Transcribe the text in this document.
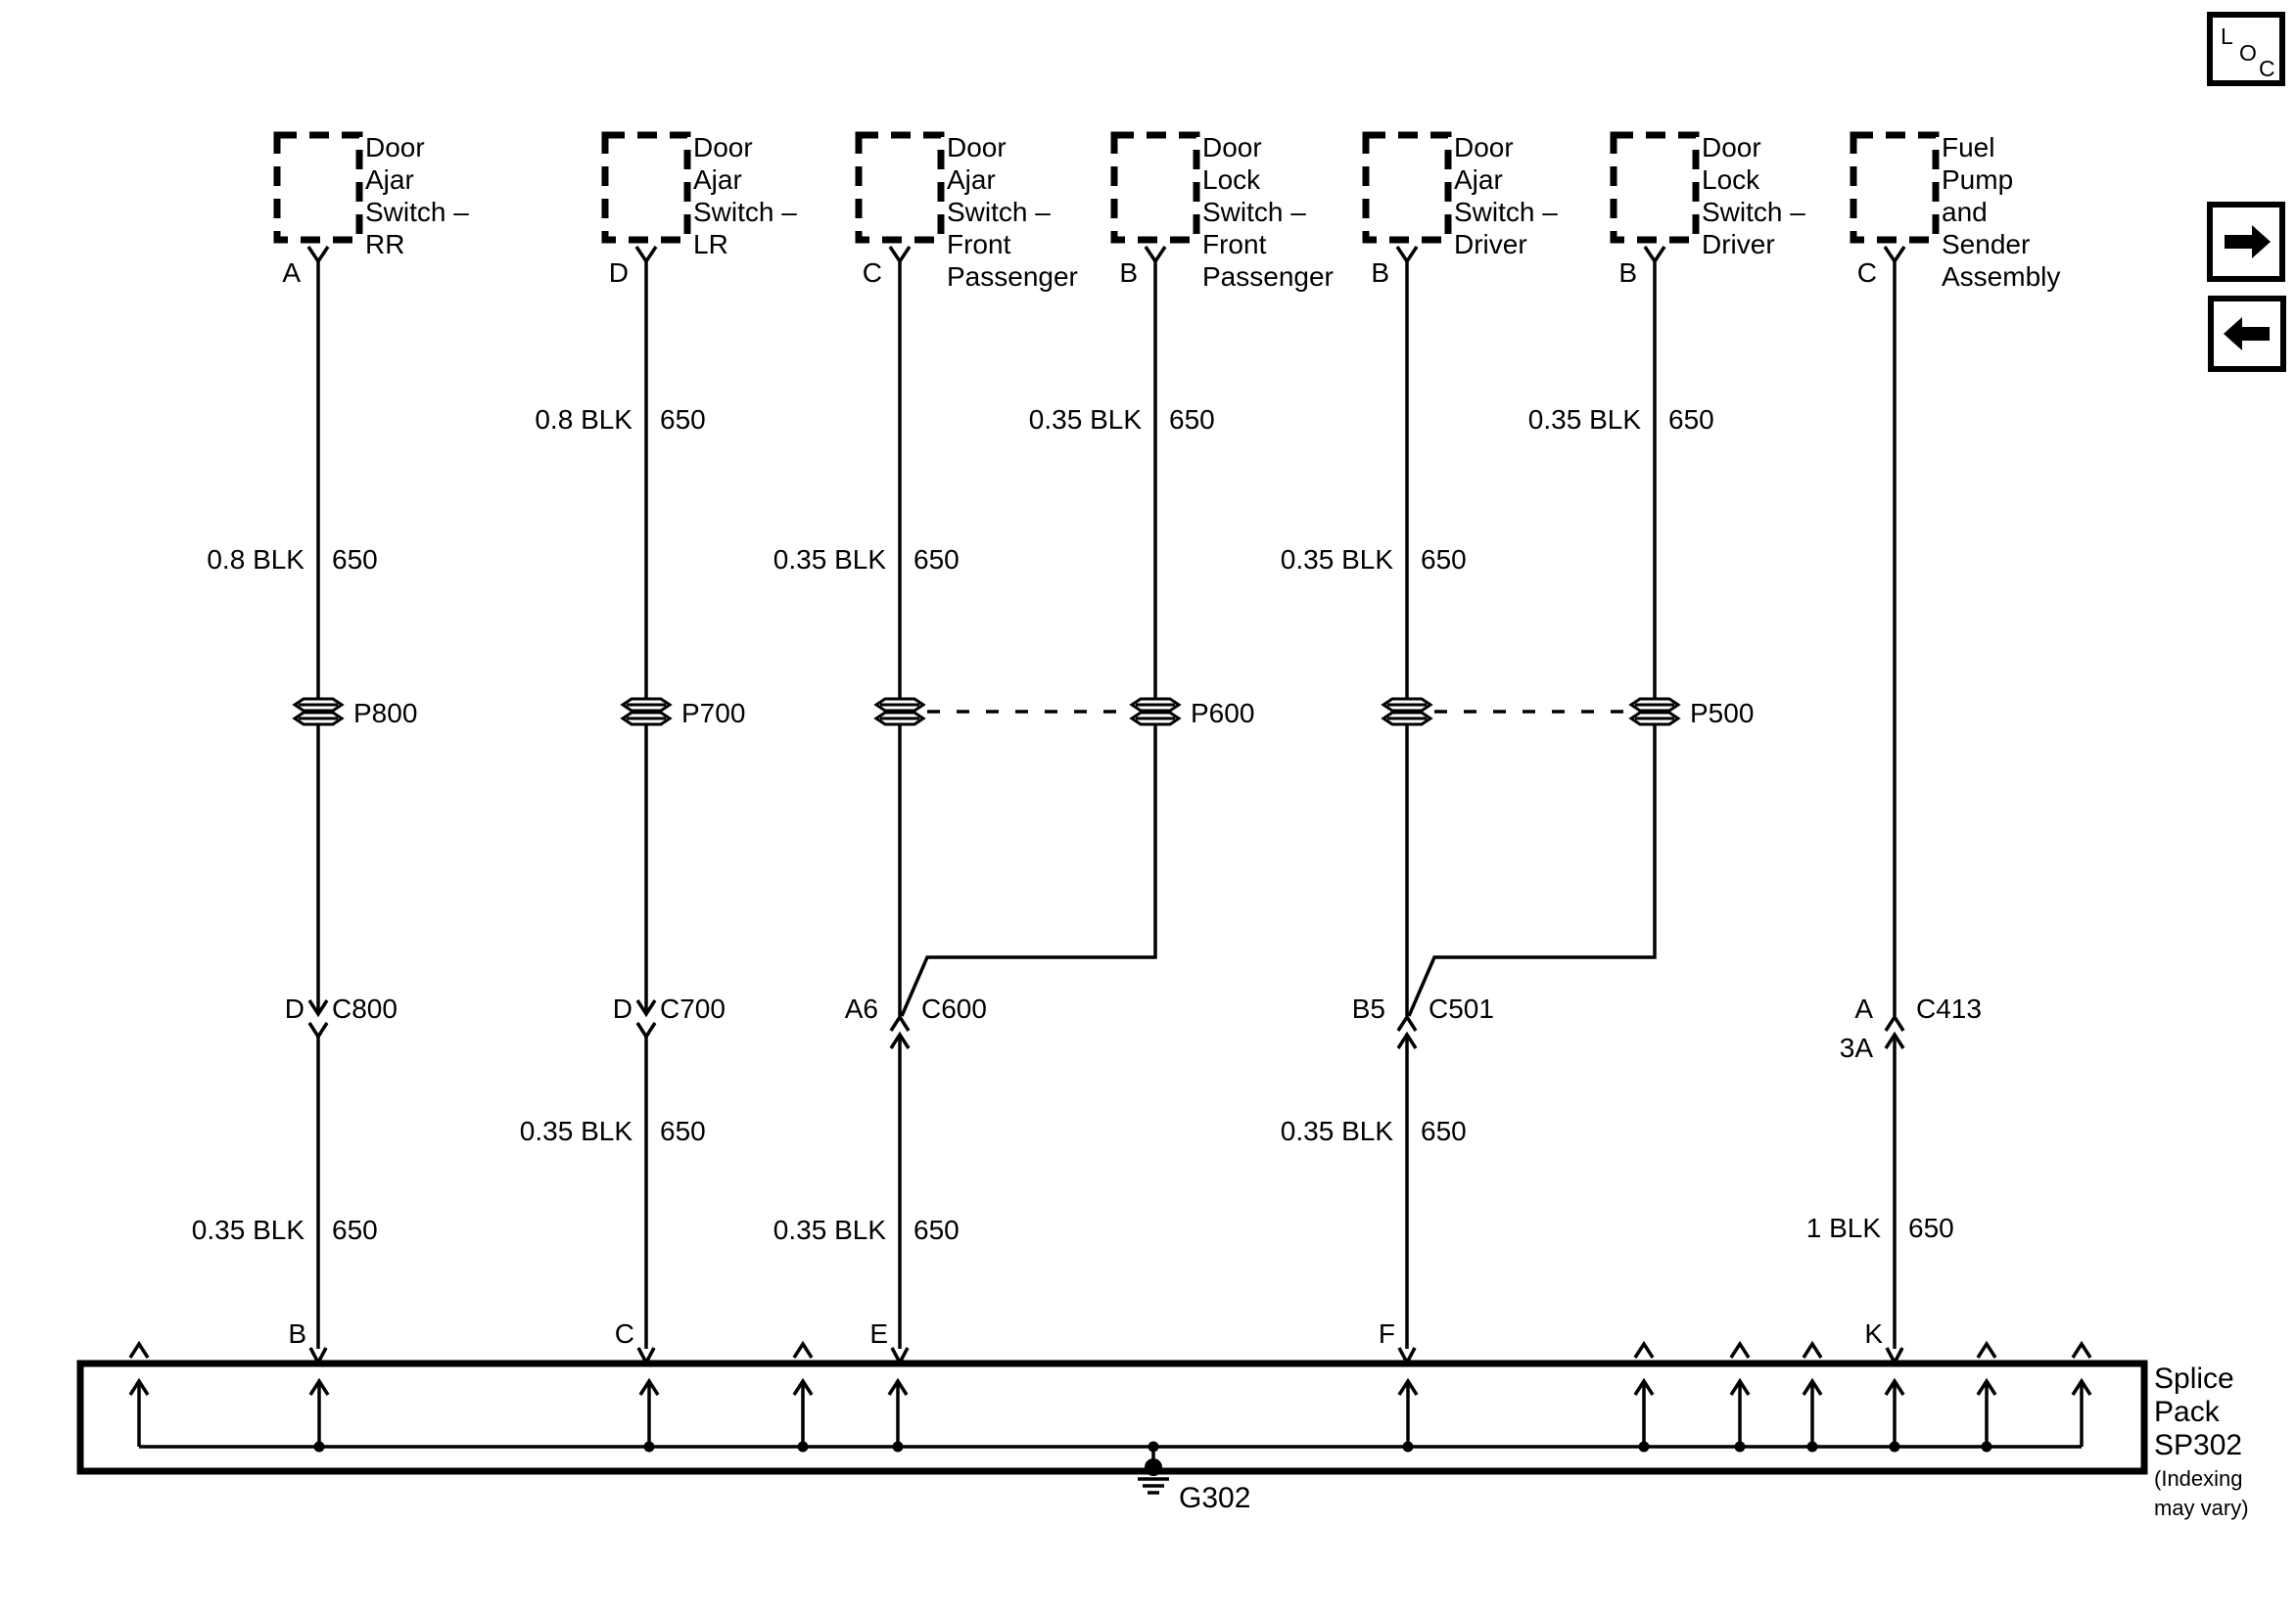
Door
Ajar
Switch –
RR
A
0.8 BLK 650
P800
D C800
0.35 BLK 650
B
Door
Ajar
Switch –
LR
D
0.8 BLK 650
P700
D C700
0.35 BLK 650
C
Door
Ajar
Switch –
Front
Passenger
C
0.35 BLK 650
A6 C600
0.35 BLK 650
E
Door
Lock
Switch –
Front
Passenger
B
0.35 BLK 650
P600
Door
Ajar
Switch –
Driver
B
0.35 BLK 650
B5 C501
0.35 BLK 650
F
Door
Lock
Switch –
Driver
B
0.35 BLK 650
P500
Fuel
Pump
and
Sender
Assembly
C
A C413
3A
1 BLK 650
K
G302
Splice
Pack
SP302
(Indexing
may vary)
L
O
C
